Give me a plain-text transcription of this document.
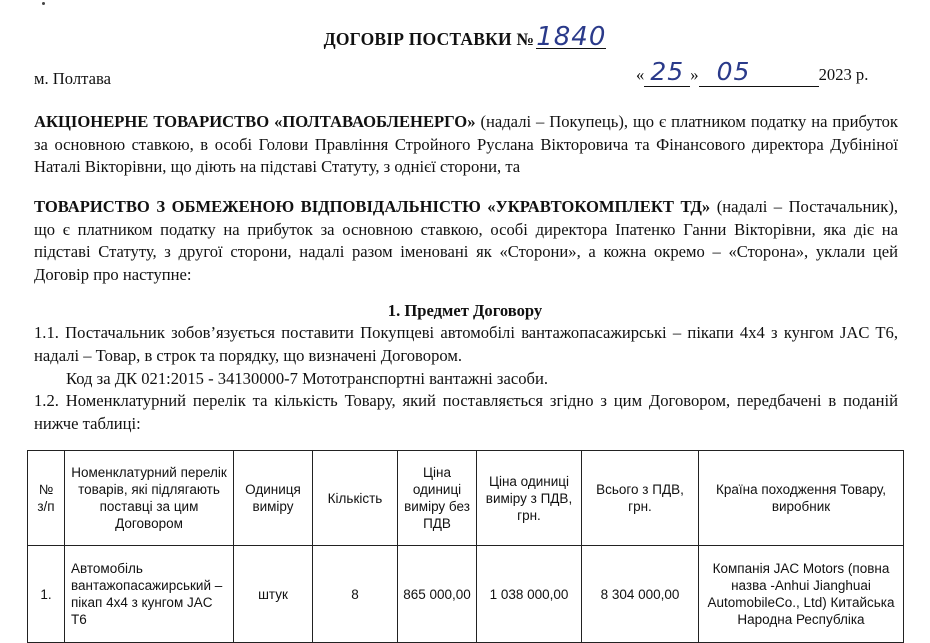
ДОГОВІР ПОСТАВКИ №1840
м. Полтава	« 25 » 05	2023 р.
АКЦІОНЕРНЕ ТОВАРИСТВО «ПОЛТАВАОБЛЕНЕРГО» (надалі – Покупець), що є платником податку на прибуток за основною ставкою, в особі Голови Правління Стройного Руслана Вікторовича та Фінансового директора Дубініної Наталі Вікторівни, що діють на підставі Статуту, з однієї сторони, та
ТОВАРИСТВО З ОБМЕЖЕНОЮ ВІДПОВІДАЛЬНІСТЮ «УКРАВТОКОМПЛЕКТ ТД» (надалі – Постачальник), що є платником податку на прибуток за основною ставкою, особі директора Іпатенко Ганни Вікторівни, яка діє на підставі Статуту, з другої сторони, надалі разом іменовані як «Сторони», а кожна окремо – «Сторона», уклали цей Договір про наступне:
1. Предмет Договору
1.1. Постачальник зобов’язується поставити Покупцеві автомобілі вантажопасажирські – пікапи 4х4 з кунгом JAC T6, надалі – Товар, в строк та порядку, що визначені Договором.
Код за ДК 021:2015 - 34130000-7 Мототранспортні вантажні засоби.
1.2. Номенклатурний перелік та кількість Товару, який поставляється згідно з цим Договором, передбачені в поданій нижче таблиці:
№ з/п	Номенклатурний перелік товарів, які підлягають поставці за цим Договором	Одиниця виміру	Кількість	Ціна одиниці виміру без ПДВ	Ціна одиниці виміру з ПДВ, грн.	Всього з ПДВ, грн.	Країна походження Товару, виробник
1.	Автомобіль вантажопасажирський – пікап 4х4 з кунгом JAC T6	штук	8	865 000,00	1 038 000,00	8 304 000,00	Компанія JAC Motors (повна назва -Anhui Jianghuai AutomobileCo., Ltd) Китайська Народна Республіка
